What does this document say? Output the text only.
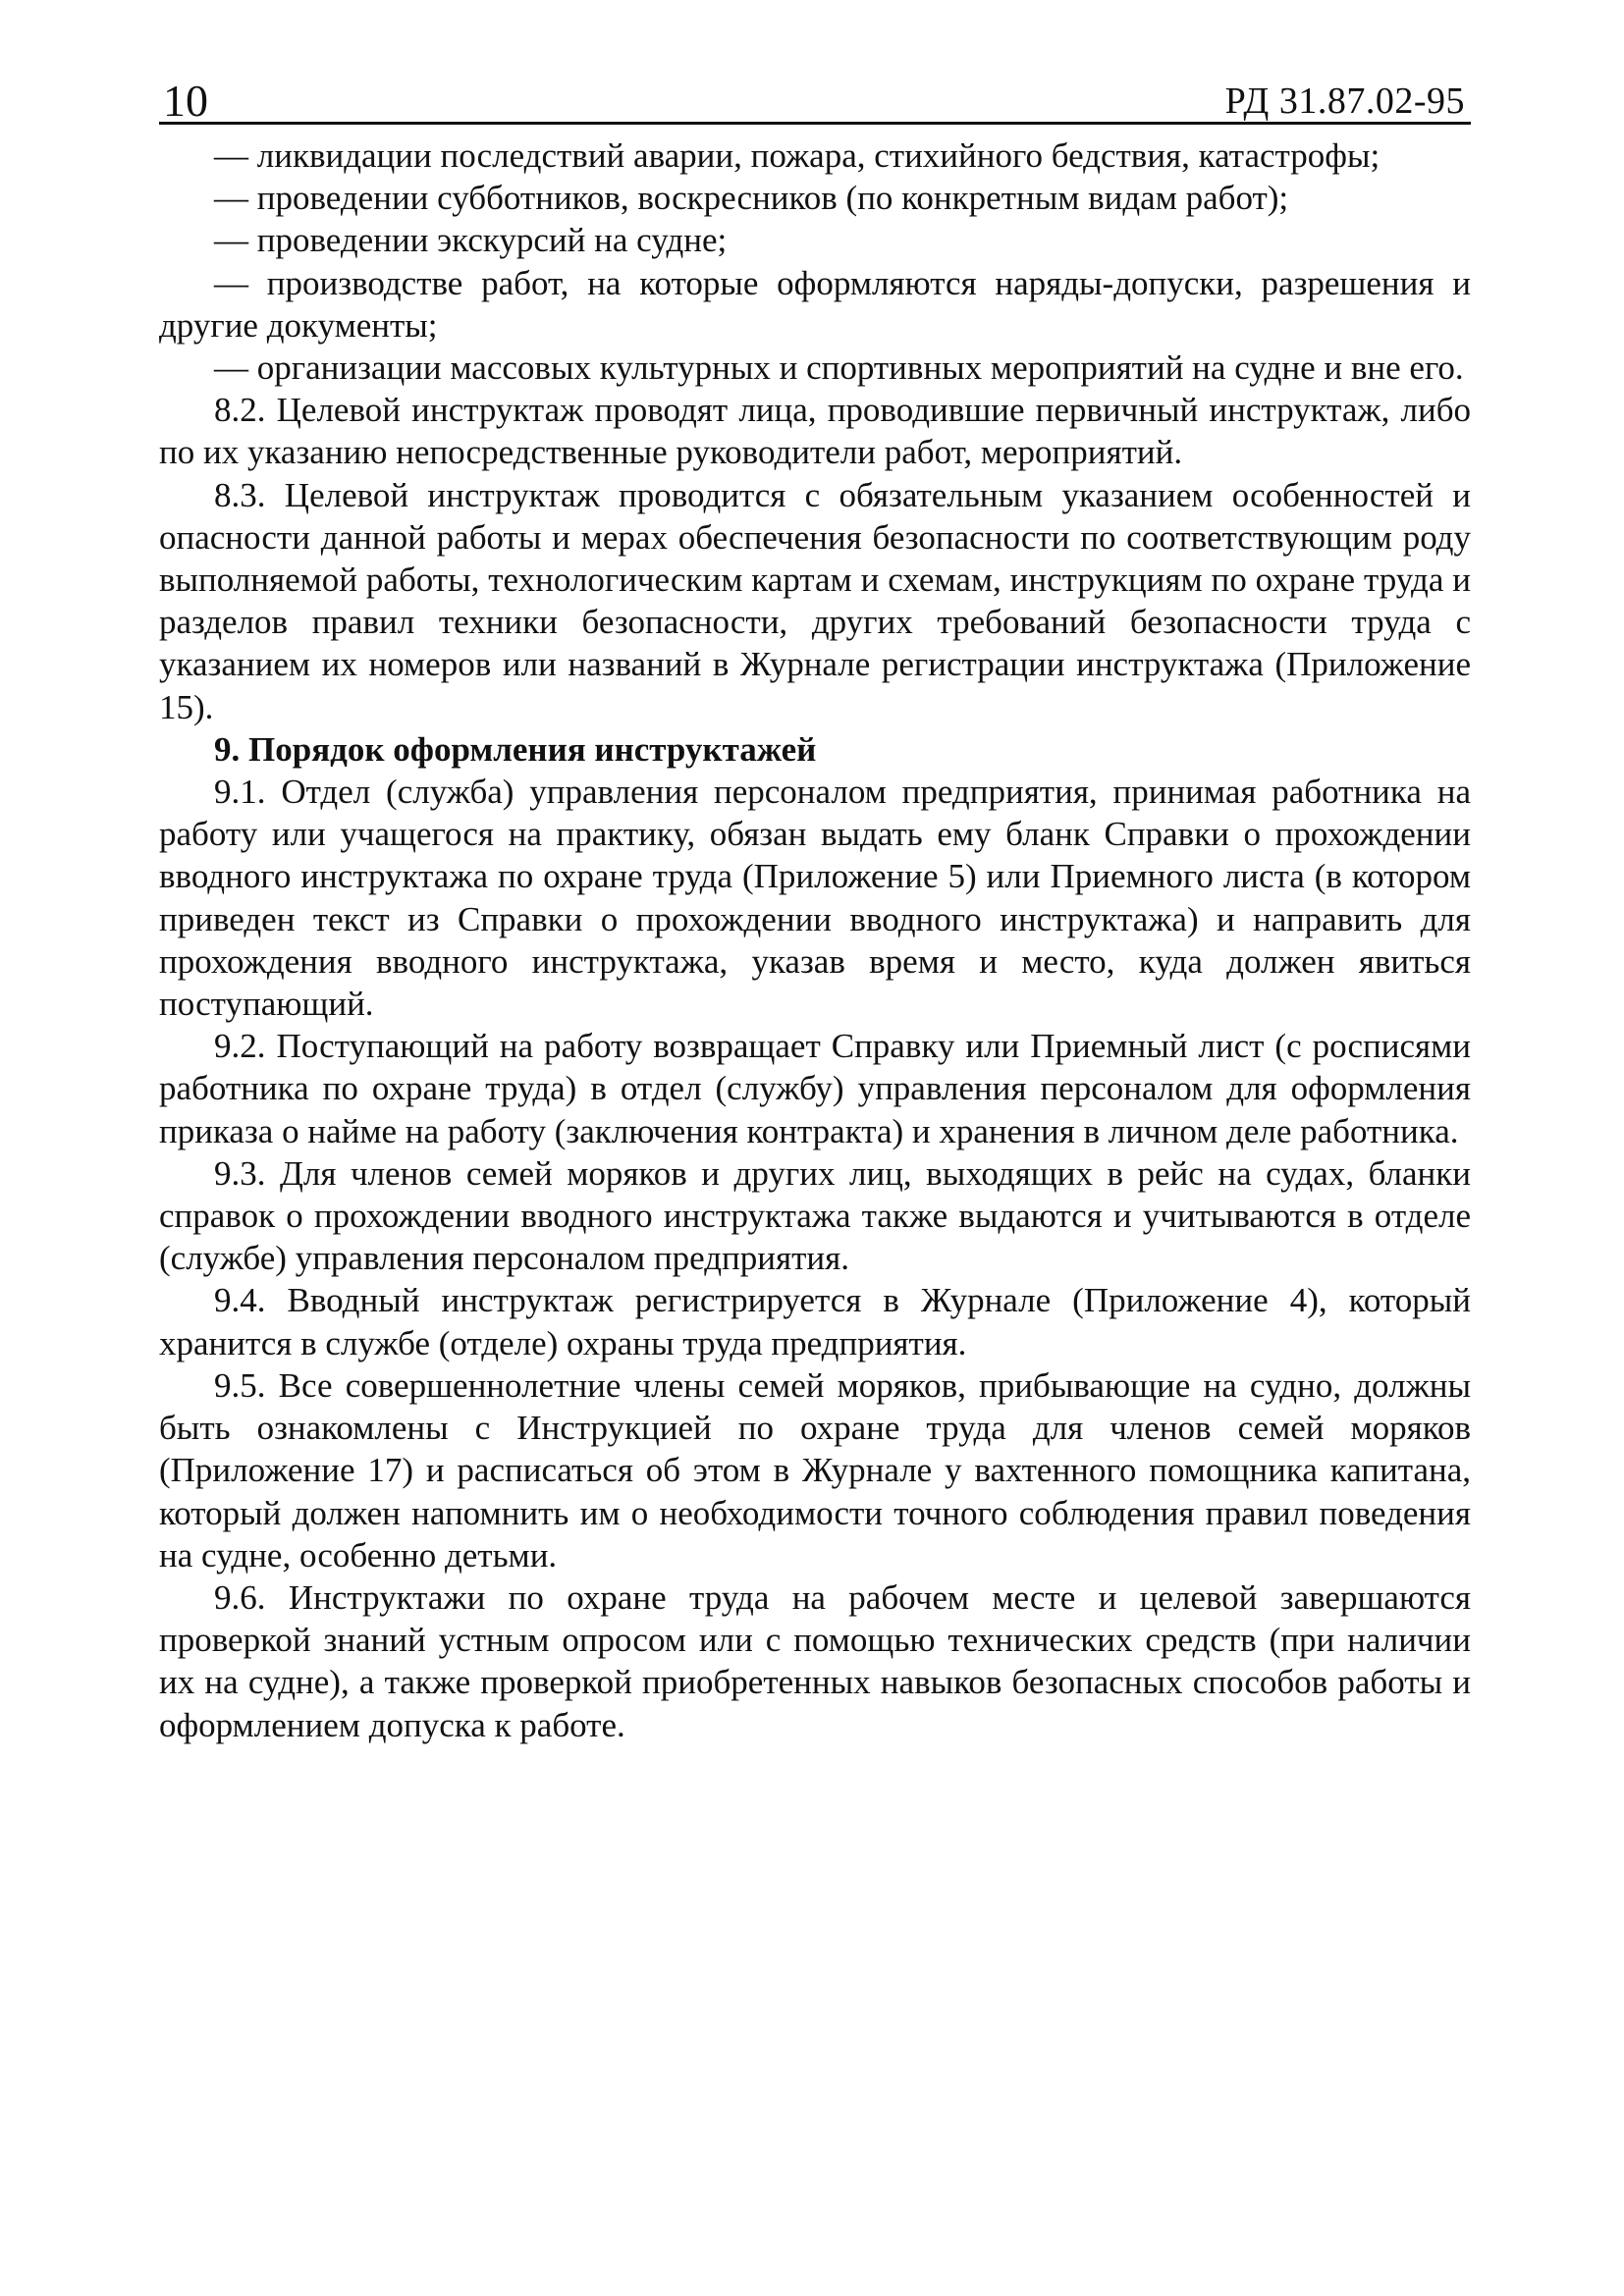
10	РД 31.87.02-95

— ликвидации последствий аварии, пожара, стихийного бедствия, катастрофы;

— проведении субботников, воскресников (по конкретным видам работ);

— проведении экскурсий на судне;

— производстве работ, на которые оформляются наряды-допуски, разрешения и другие документы;

— организации массовых культурных и спортивных мероприятий на судне и вне его.

8.2. Целевой инструктаж проводят лица, проводившие первичный инструктаж, либо по их указанию непосредственные руководители работ, мероприятий.

8.3. Целевой инструктаж проводится с обязательным указанием особенностей и опасности данной работы и мерах обеспечения безопасности по соответствующим роду выполняемой работы, технологическим картам и схемам, инструкциям по охране труда и разделов правил техники безопасности, других требований безопасности труда с указанием их номеров или названий в Журнале регистрации инструктажа (Приложение 15).

9. Порядок оформления инструктажей

9.1. Отдел (служба) управления персоналом предприятия, принимая работника на работу или учащегося на практику, обязан выдать ему бланк Справки о прохождении вводного инструктажа по охране труда (Приложение 5) или Приемного листа (в котором приведен текст из Справки о прохождении вводного инструктажа) и направить для прохождения вводного инструктажа, указав время и место, куда должен явиться поступающий.

9.2. Поступающий на работу возвращает Справку или Приемный лист (с росписями работника по охране труда) в отдел (службу) управления персоналом для оформления приказа о найме на работу (заключения контракта) и хранения в личном деле работника.

9.3. Для членов семей моряков и других лиц, выходящих в рейс на судах, бланки справок о прохождении вводного инструктажа также выдаются и учитываются в отделе (службе) управления персоналом предприятия.

9.4. Вводный инструктаж регистрируется в Журнале (Приложение 4), который хранится в службе (отделе) охраны труда предприятия.

9.5. Все совершеннолетние члены семей моряков, прибывающие на судно, должны быть ознакомлены с Инструкцией по охране труда для членов семей моряков (Приложение 17) и расписаться об этом в Журнале у вахтенного помощника капитана, который должен напомнить им о необходимости точного соблюдения правил поведения на судне, особенно детьми.

9.6. Инструктажи по охране труда на рабочем месте и целевой завершаются проверкой знаний устным опросом или с помощью технических средств (при наличии их на судне), а также проверкой приобретенных навыков безопасных способов работы и оформлением допуска к работе.
